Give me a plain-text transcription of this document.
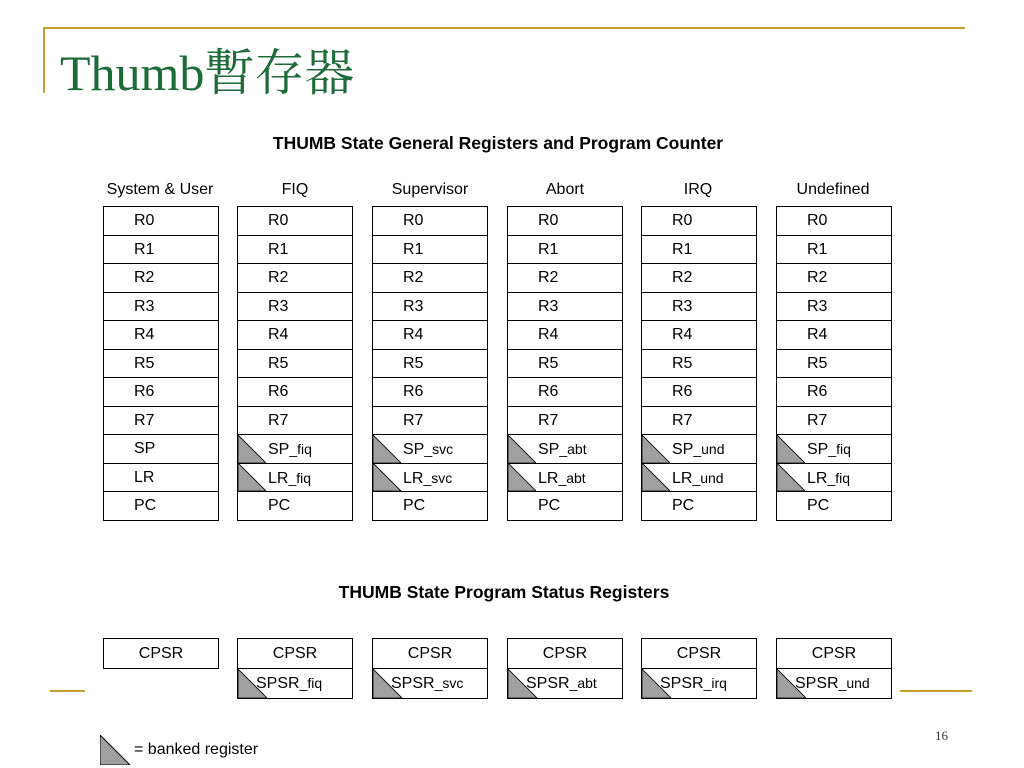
Thumb暫存器
THUMB State General Registers and Program Counter
THUMB State Program Status Registers
System & User
R0
R1
R2
R3
R4
R5
R6
R7
SP
LR
PC
CPSR
FIQ
R0
R1
R2
R3
R4
R5
R6
R7
SP_fiq
LR_fiq
PC
CPSR
SPSR_fiq
Supervisor
R0
R1
R2
R3
R4
R5
R6
R7
SP_svc
LR_svc
PC
CPSR
SPSR_svc
Abort
R0
R1
R2
R3
R4
R5
R6
R7
SP_abt
LR_abt
PC
CPSR
SPSR_abt
IRQ
R0
R1
R2
R3
R4
R5
R6
R7
SP_und
LR_und
PC
CPSR
SPSR_irq
Undefined
R0
R1
R2
R3
R4
R5
R6
R7
SP_fiq
LR_fiq
PC
CPSR
SPSR_und
16
= banked register
